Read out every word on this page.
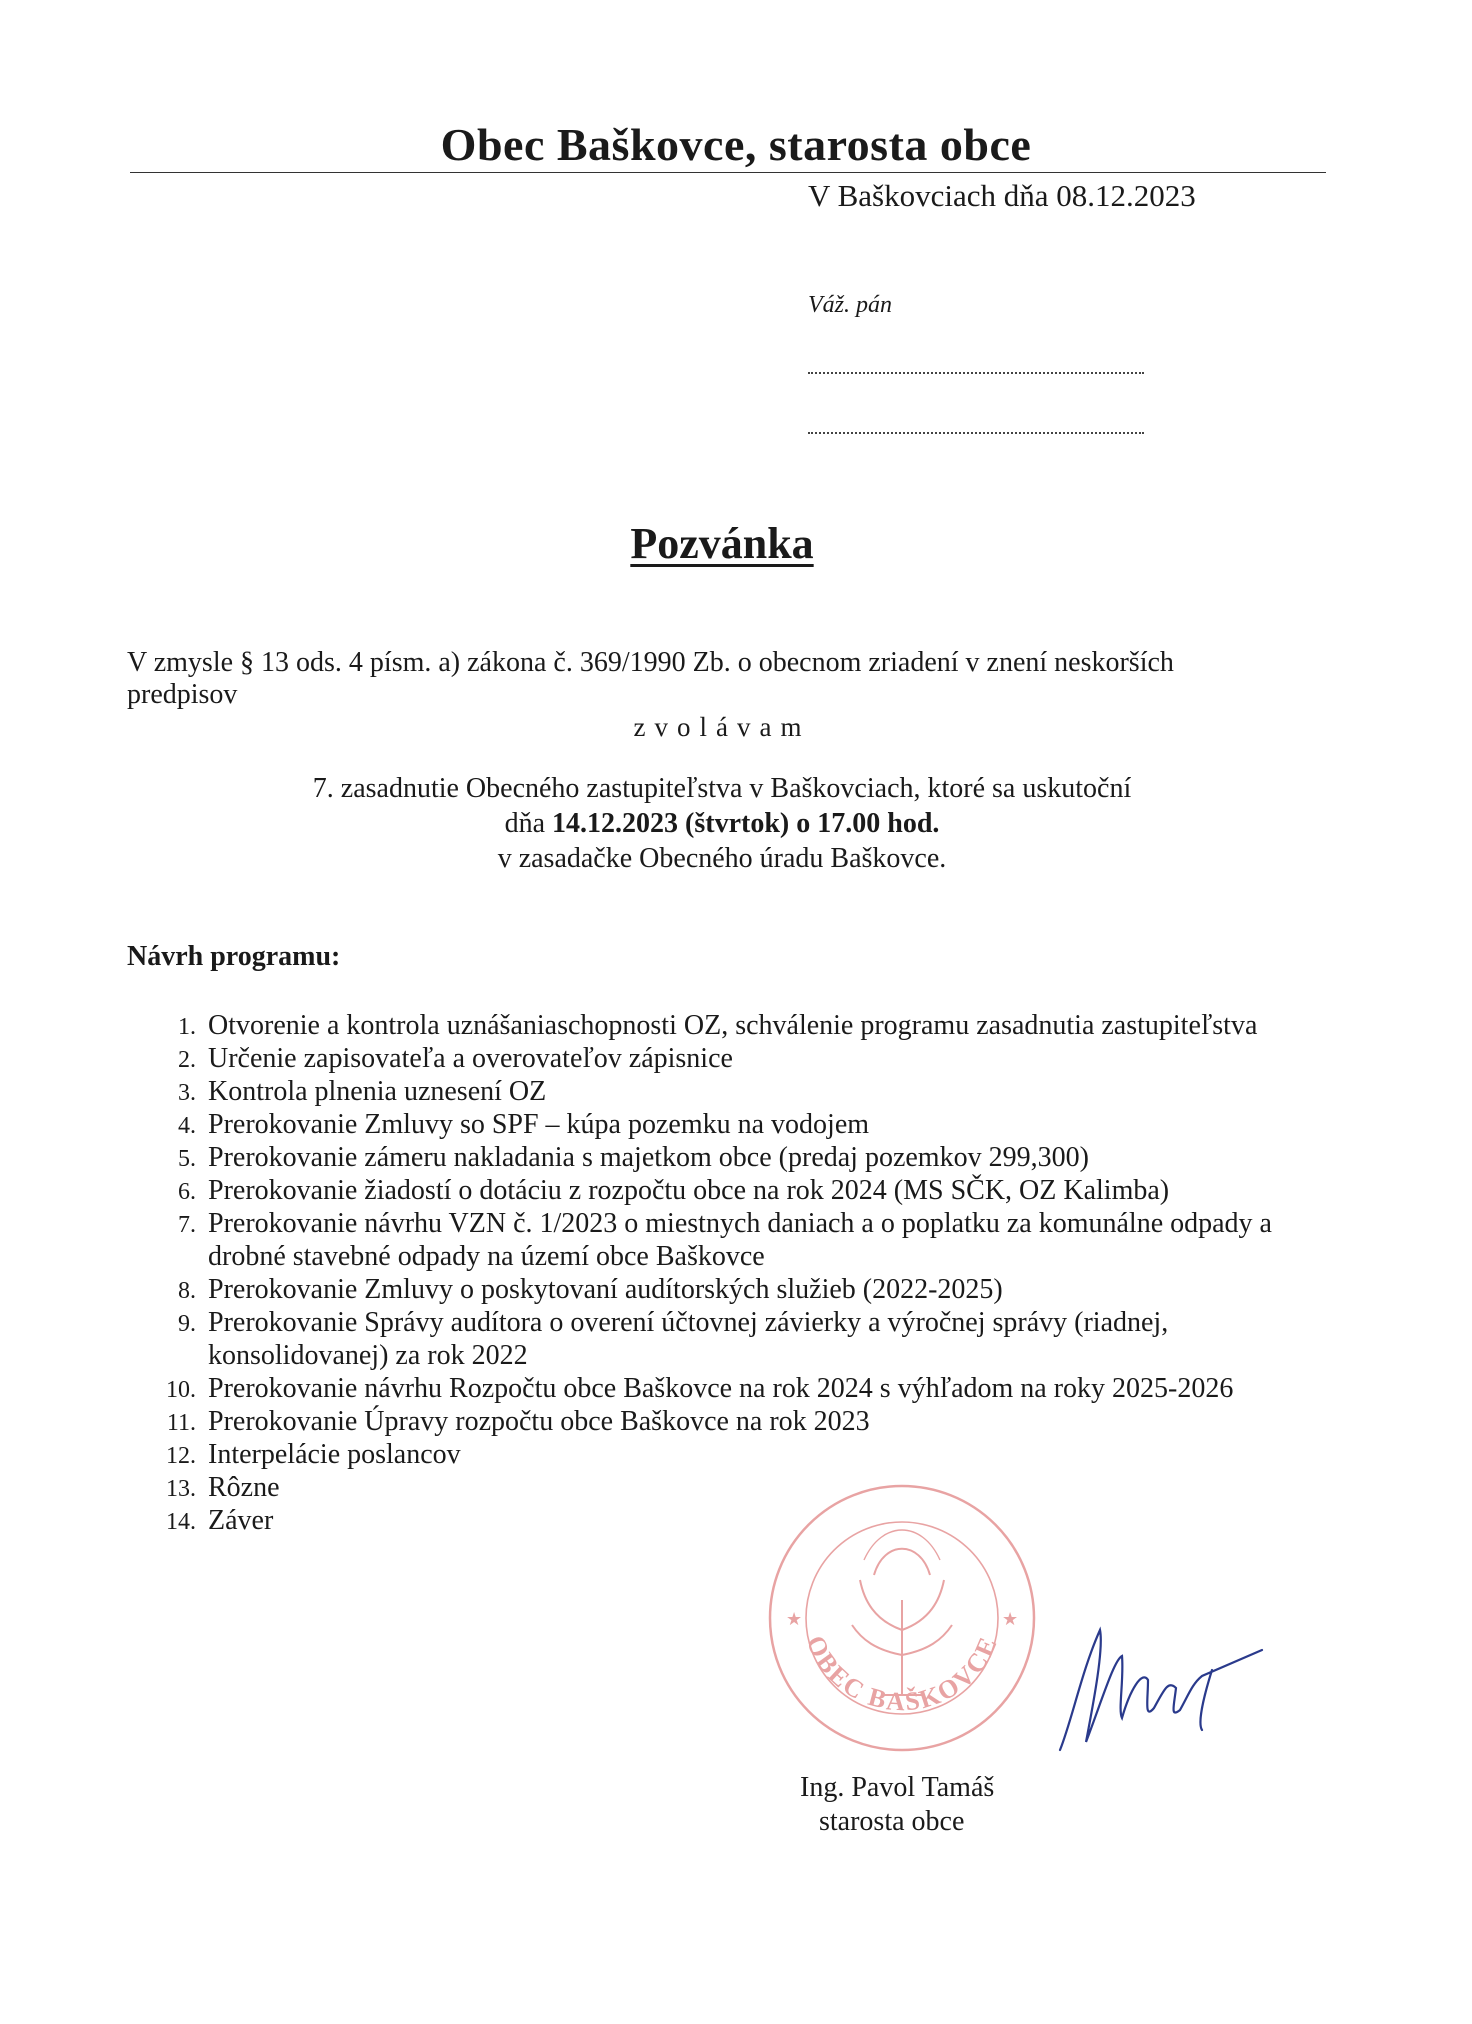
Obec Baškovce, starosta obce
V Baškovciach dňa 08.12.2023
Váž. pán
Pozvánka
V zmysle § 13 ods. 4 písm. a) zákona č. 369/1990 Zb. o obecnom zriadení v znení neskorších
predpisov
zvolávam
7. zasadnutie Obecného zastupiteľstva v Baškovciach, ktoré sa uskutoční
dňa 14.12.2023 (štvrtok) o 17.00 hod.
v zasadačke Obecného úradu Baškovce.
Návrh programu:
1. Otvorenie a kontrola uznášaniaschopnosti OZ, schválenie programu zasadnutia zastupiteľstva
2. Určenie zapisovateľa a overovateľov zápisnice
3. Kontrola plnenia uznesení OZ
4. Prerokovanie Zmluvy so SPF – kúpa pozemku na vodojem
5. Prerokovanie zámeru nakladania s majetkom obce (predaj pozemkov 299,300)
6. Prerokovanie žiadostí o dotáciu z rozpočtu obce na rok 2024 (MS SČK, OZ Kalimba)
7. Prerokovanie návrhu VZN č. 1/2023 o miestnych daniach a o poplatku za komunálne odpady a drobné stavebné odpady na území obce Baškovce
8. Prerokovanie Zmluvy o poskytovaní audítorských služieb (2022-2025)
9. Prerokovanie Správy audítora o overení účtovnej závierky a výročnej správy (riadnej, konsolidovanej) za rok 2022
10. Prerokovanie návrhu Rozpočtu obce Baškovce na rok 2024 s výhľadom na roky 2025-2026
11. Prerokovanie Úpravy rozpočtu obce Baškovce na rok 2023
12. Interpelácie poslancov
13. Rôzne
14. Záver
★	★
OBEC BAŠKOVCE
Ing. Pavol Tamáš
starosta obce
